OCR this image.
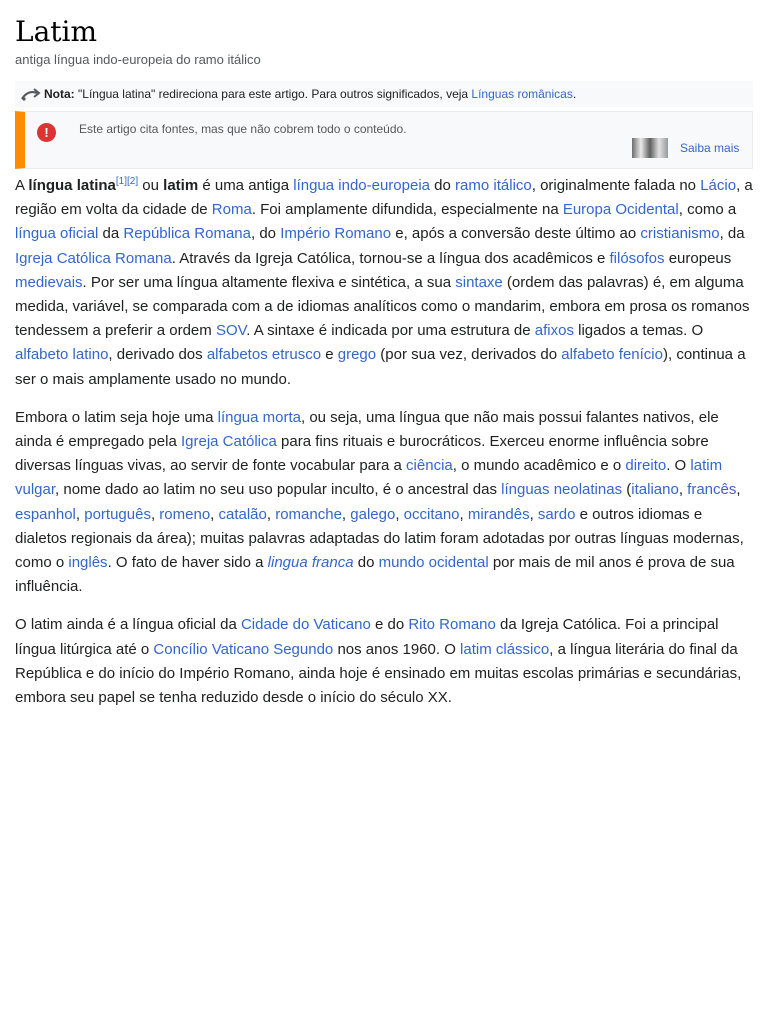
Latim
antiga língua indo-europeia do ramo itálico
Nota: "Língua latina" redireciona para este artigo. Para outros significados, veja Línguas românicas.
!	Este artigo cita fontes, mas que não cobrem todo o conteúdo.
Saiba mais

A língua latina[1][2] ou latim é uma antiga língua indo-europeia do ramo itálico, originalmente falada no Lácio, a região em volta da cidade de Roma. Foi amplamente difundida, especialmente na Europa Ocidental, como a língua oficial da República Romana, do Império Romano e, após a conversão deste último ao cristianismo, da Igreja Católica Romana. Através da Igreja Católica, tornou-se a língua dos acadêmicos e filósofos europeus medievais. Por ser uma língua altamente flexiva e sintética, a sua sintaxe (ordem das palavras) é, em alguma medida, variável, se comparada com a de idiomas analíticos como o mandarim, embora em prosa os romanos tendessem a preferir a ordem SOV. A sintaxe é indicada por uma estrutura de afixos ligados a temas. O alfabeto latino, derivado dos alfabetos etrusco e grego (por sua vez, derivados do alfabeto fenício), continua a ser o mais amplamente usado no mundo.

Embora o latim seja hoje uma língua morta, ou seja, uma língua que não mais possui falantes nativos, ele ainda é empregado pela Igreja Católica para fins rituais e burocráticos. Exerceu enorme influência sobre diversas línguas vivas, ao servir de fonte vocabular para a ciência, o mundo acadêmico e o direito. O latim vulgar, nome dado ao latim no seu uso popular inculto, é o ancestral das línguas neolatinas (italiano, francês, espanhol, português, romeno, catalão, romanche, galego, occitano, mirandês, sardo e outros idiomas e dialetos regionais da área); muitas palavras adaptadas do latim foram adotadas por outras línguas modernas, como o inglês. O fato de haver sido a lingua franca do mundo ocidental por mais de mil anos é prova de sua influência.

O latim ainda é a língua oficial da Cidade do Vaticano e do Rito Romano da Igreja Católica. Foi a principal língua litúrgica até o Concílio Vaticano Segundo nos anos 1960. O latim clássico, a língua literária do final da República e do início do Império Romano, ainda hoje é ensinado em muitas escolas primárias e secundárias, embora seu papel se tenha reduzido desde o início do século XX.
